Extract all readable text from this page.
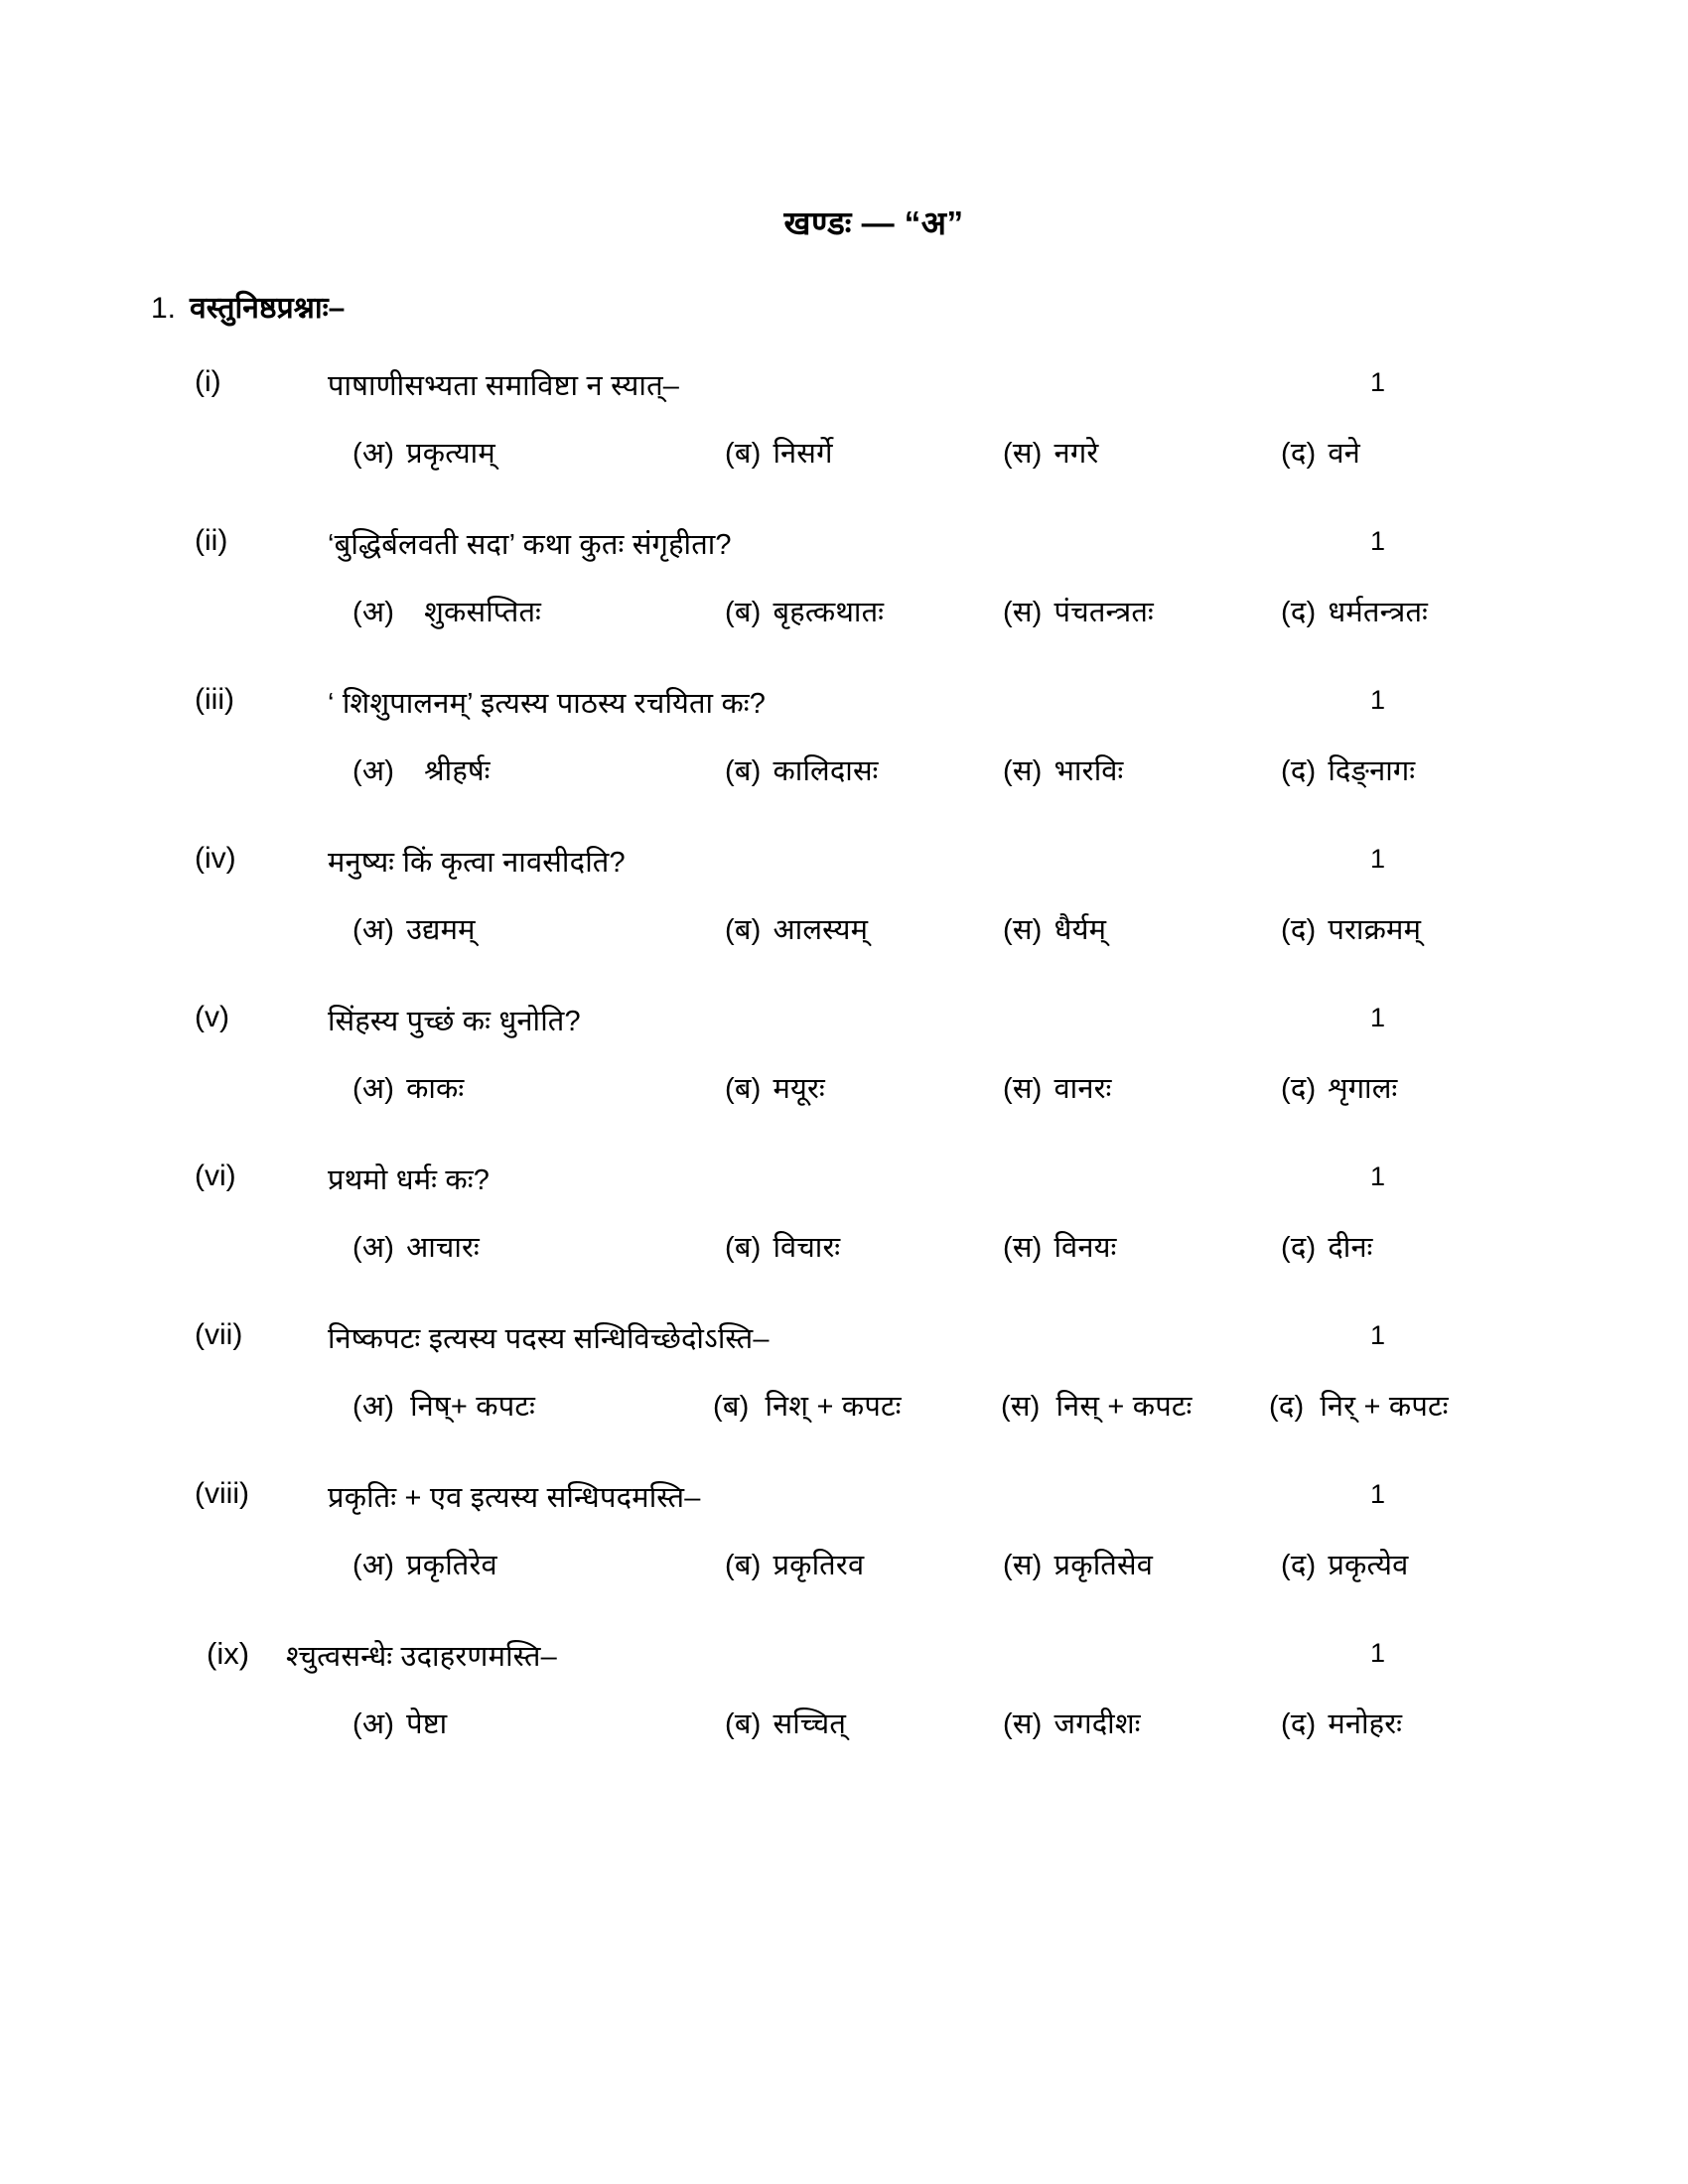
खण्डः — “अ”
1. वस्तुनिष्ठप्रश्नाः–
(i)	पाषाणीसभ्यता समाविष्टा न स्यात्–	1
(अ) प्रकृत्याम्	(ब) निसर्गे	(स) नगरे	(द) वने
(ii)	‘बुद्धिर्बलवती सदा’ कथा कुतः संगृहीता?	1
(अ) शुकसप्तितः	(ब) बृहत्कथातः	(स) पंचतन्त्रतः	(द) धर्मतन्त्रतः
(iii)	‘ शिशुपालनम्’ इत्यस्य पाठस्य रचयिता कः?	1
(अ) श्रीहर्षः	(ब) कालिदासः	(स) भारविः	(द) दिङ्नागः
(iv)	मनुष्यः किं कृत्वा नावसीदति?	1
(अ) उद्यमम्	(ब) आलस्यम्	(स) धैर्यम्	(द) पराक्रमम्
(v)	सिंहस्य पुच्छं कः धुनोति?	1
(अ) काकः	(ब) मयूरः	(स) वानरः	(द) शृगालः
(vi)	प्रथमो धर्मः कः?	1
(अ) आचारः	(ब) विचारः	(स) विनयः	(द) दीनः
(vii)	निष्कपटः इत्यस्य पदस्य सन्धिविच्छेदोऽस्ति–	1
(अ) निष्+ कपटः	(ब) निश् + कपटः	(स) निस् + कपटः	(द) निर् + कपटः
(viii)	प्रकृतिः + एव इत्यस्य सन्धिपदमस्ति–	1
(अ) प्रकृतिरेव	(ब) प्रकृतिरव	(स) प्रकृतिसेव	(द) प्रकृत्येव
(ix)	श्चुत्वसन्धेः उदाहरणमस्ति–	1
(अ) पेष्टा	(ब) सच्चित्	(स) जगदीशः	(द) मनोहरः
